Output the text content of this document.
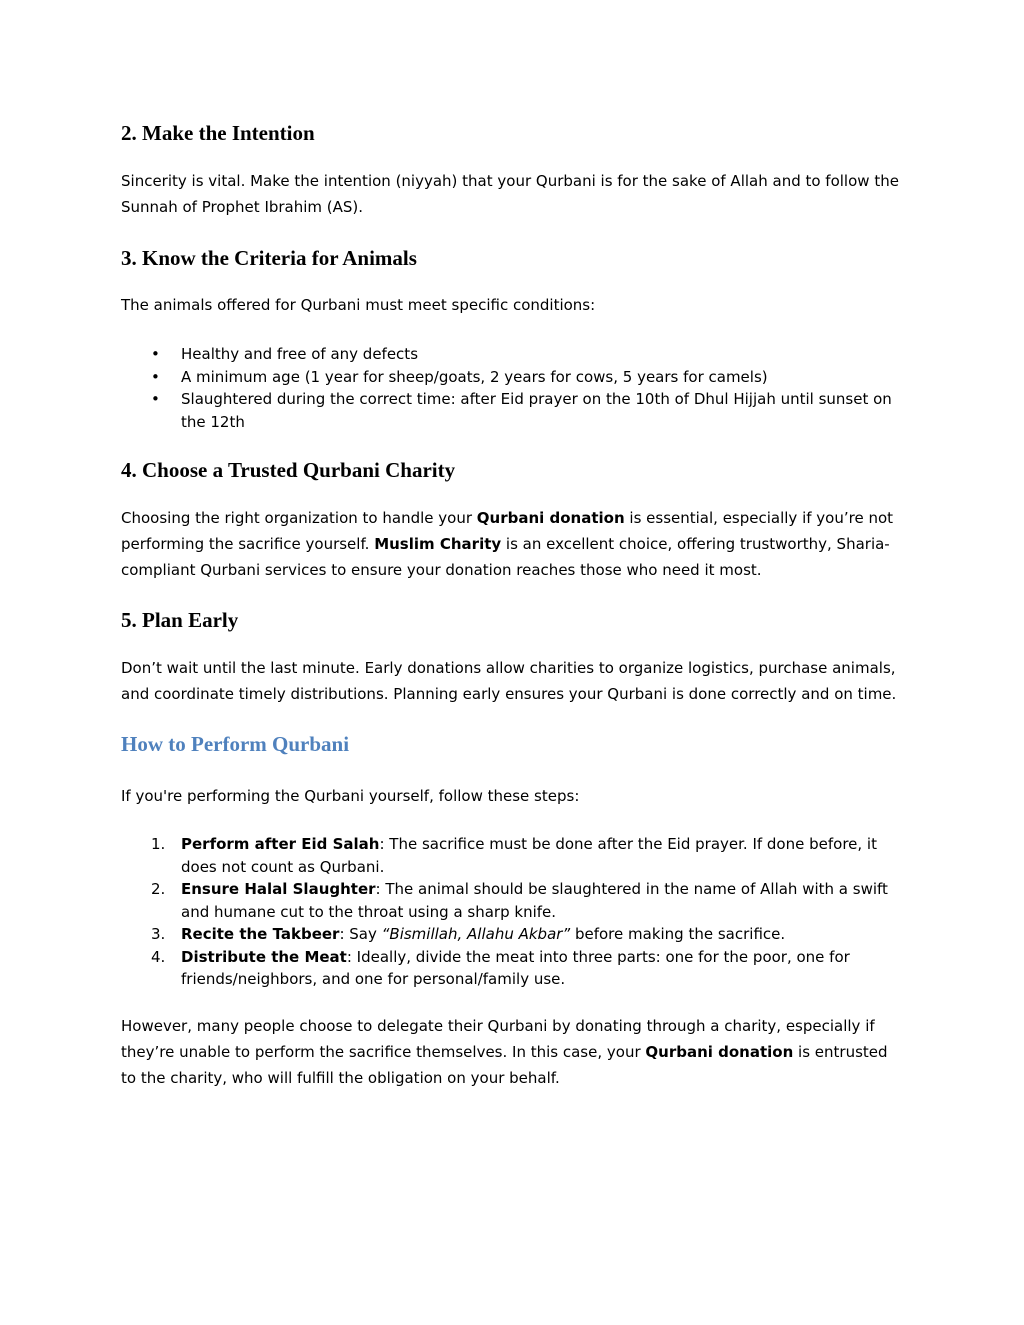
2. Make the Intention

Sincerity is vital. Make the intention (niyyah) that your Qurbani is for the sake of Allah and to follow the Sunnah of Prophet Ibrahim (AS).

3. Know the Criteria for Animals

The animals offered for Qurbani must meet specific conditions:

• Healthy and free of any defects
• A minimum age (1 year for sheep/goats, 2 years for cows, 5 years for camels)
• Slaughtered during the correct time: after Eid prayer on the 10th of Dhul Hijjah until sunset on the 12th
4. Choose a Trusted Qurbani Charity

Choosing the right organization to handle your Qurbani donation is essential, especially if you’re not performing the sacrifice yourself. Muslim Charity is an excellent choice, offering trustworthy, Sharia-compliant Qurbani services to ensure your donation reaches those who need it most.

5. Plan Early

Don’t wait until the last minute. Early donations allow charities to organize logistics, purchase animals, and coordinate timely distributions. Planning early ensures your Qurbani is done correctly and on time.

How to Perform Qurbani

If you're performing the Qurbani yourself, follow these steps:

1. Perform after Eid Salah: The sacrifice must be done after the Eid prayer. If done before, it does not count as Qurbani.
2. Ensure Halal Slaughter: The animal should be slaughtered in the name of Allah with a swift and humane cut to the throat using a sharp knife.
3. Recite the Takbeer: Say “Bismillah, Allahu Akbar” before making the sacrifice.
4. Distribute the Meat: Ideally, divide the meat into three parts: one for the poor, one for friends/neighbors, and one for personal/family use.

However, many people choose to delegate their Qurbani by donating through a charity, especially if they’re unable to perform the sacrifice themselves. In this case, your Qurbani donation is entrusted to the charity, who will fulfill the obligation on your behalf.
